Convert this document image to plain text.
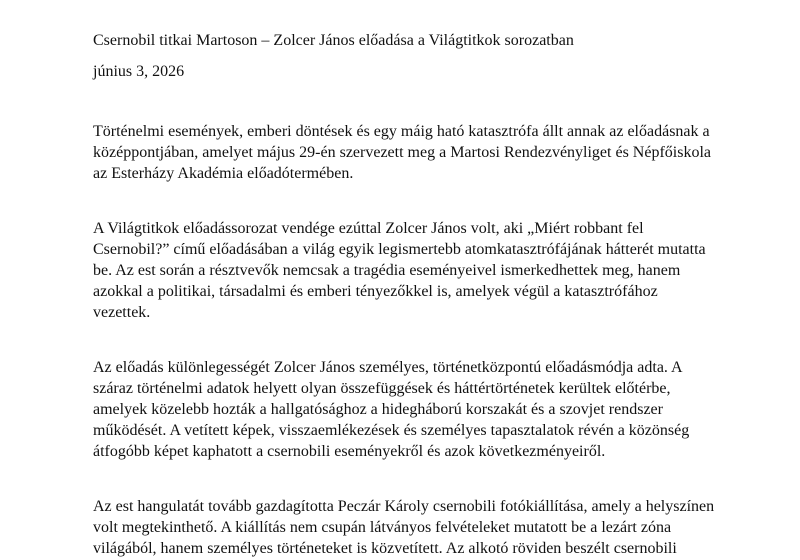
Csernobil titkai Martoson – Zolcer János előadása a Világtitkok sorozatban
június 3, 2026

Történelmi események, emberi döntések és egy máig ható katasztrófa állt annak az előadásnak a
középpontjában, amelyet május 29-én szervezett meg a Martosi Rendezvényliget és Népfőiskola
az Esterházy Akadémia előadótermében.

A Világtitkok előadássorozat vendége ezúttal Zolcer János volt, aki „Miért robbant fel
Csernobil?” című előadásában a világ egyik legismertebb atomkatasztrófájának hátterét mutatta
be. Az est során a résztvevők nemcsak a tragédia eseményeivel ismerkedhettek meg, hanem
azokkal a politikai, társadalmi és emberi tényezőkkel is, amelyek végül a katasztrófához
vezettek.

Az előadás különlegességét Zolcer János személyes, történetközpontú előadásmódja adta. A
száraz történelmi adatok helyett olyan összefüggések és háttértörténetek kerültek előtérbe,
amelyek közelebb hozták a hallgatósághoz a hidegháború korszakát és a szovjet rendszer
működését. A vetített képek, visszaemlékezések és személyes tapasztalatok révén a közönség
átfogóbb képet kaphatott a csernobili eseményekről és azok következményeiről.

Az est hangulatát tovább gazdagította Peczár Károly csernobili fotókiállítása, amely a helyszínen
volt megtekinthető. A kiállítás nem csupán látványos felvételeket mutatott be a lezárt zóna
világából, hanem személyes történeteket is közvetített. Az alkotó röviden beszélt csernobili
